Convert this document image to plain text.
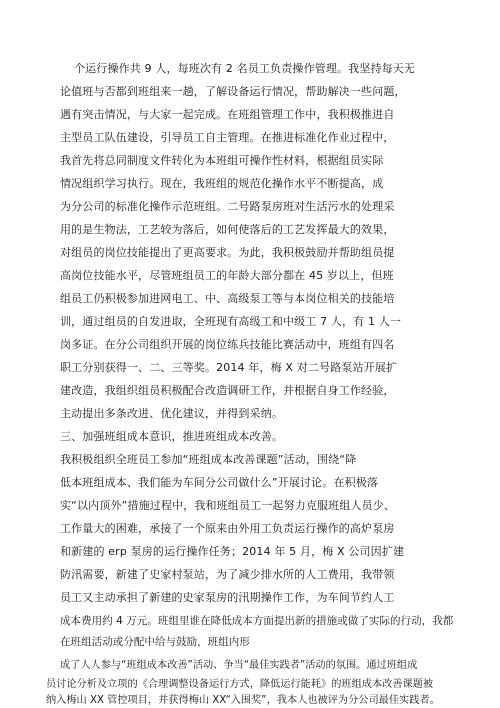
个运行操作共 9 人，每班次有 2 名员工负责操作管理。我坚持每天无

论值班与否都到班组来一趟，了解设备运行情况，帮助解决一些问题，

遇有突击情况，与大家一起完成。在班组管理工作中，我积极推进自

主型员工队伍建设，引导员工自主管理。在推进标准化作业过程中，

我首先将总同制度文件转化为本班组可操作性材料，根据组员实际

情况组织学习执行。现在，我班组的规范化操作水平不断提高，成

为分公司的标准化操作示范班组。二号路泵房班对生活污水的处理采

用的是生物法，工艺较为落后，如何使落后的工艺发挥最大的效果，

对组员的岗位技能提出了更高要求。为此，我积极鼓励并帮助组员提

高岗位技能水平，尽管班组员工的年龄大部分都在 45 岁以上，但班

组员工仍积极参加进网电工、中、高级泵工等与本岗位相关的技能培

训，通过组员的自发进取，全班现有高级工和中级工 7 人，有 1 人一

岗多证。在分公司组织开展的岗位练兵技能比赛活动中，班组有四名

职工分别获得一、二、三等奖。2014 年，梅 X 对二号路泵站开展扩

建改造，我组织组员积极配合改造调研工作，并根据自身工作经验，

主动提出多条改进、优化建议，并得到采纳。

三、加强班组成本意识，推进班组成本改善。

我积极组织全班员工参加“班组成本改善课题”活动，围绕“降

低本班组成本、我们能为车间分公司做什么”开展讨论。在积极落

实“以内顶外”措施过程中，我和班组员工一起努力克服班组人员少、

工作量大的困难，承接了一个原来由外用工负责运行操作的高炉泵房

和新建的 erp 泵房的运行操作任务；2014 年 5 月，梅 X 公司因扩建

防汛需要，新建了史家村泵站，为了减少排水所的人工费用，我带领

员工又主动承担了新建的史家泵房的汛期操作工作，为车间节约人工

成本费用约 4 万元。班组里谁在降低成本方面提出新的措施或做了实际的行动，我都

在班组活动或分配中给与鼓励，班组内形

成了人人参与“班组成本改善”活动、争当“最佳实践者”活动的氛围。通过班组成

员讨论分析及立项的《合理调整设备运行方式，降低运行能耗》的班组成本改善课题被

纳入梅山 XX 管控项目，并获得梅山 XX“入围奖”，我本人也被评为分公司最佳实践者。
